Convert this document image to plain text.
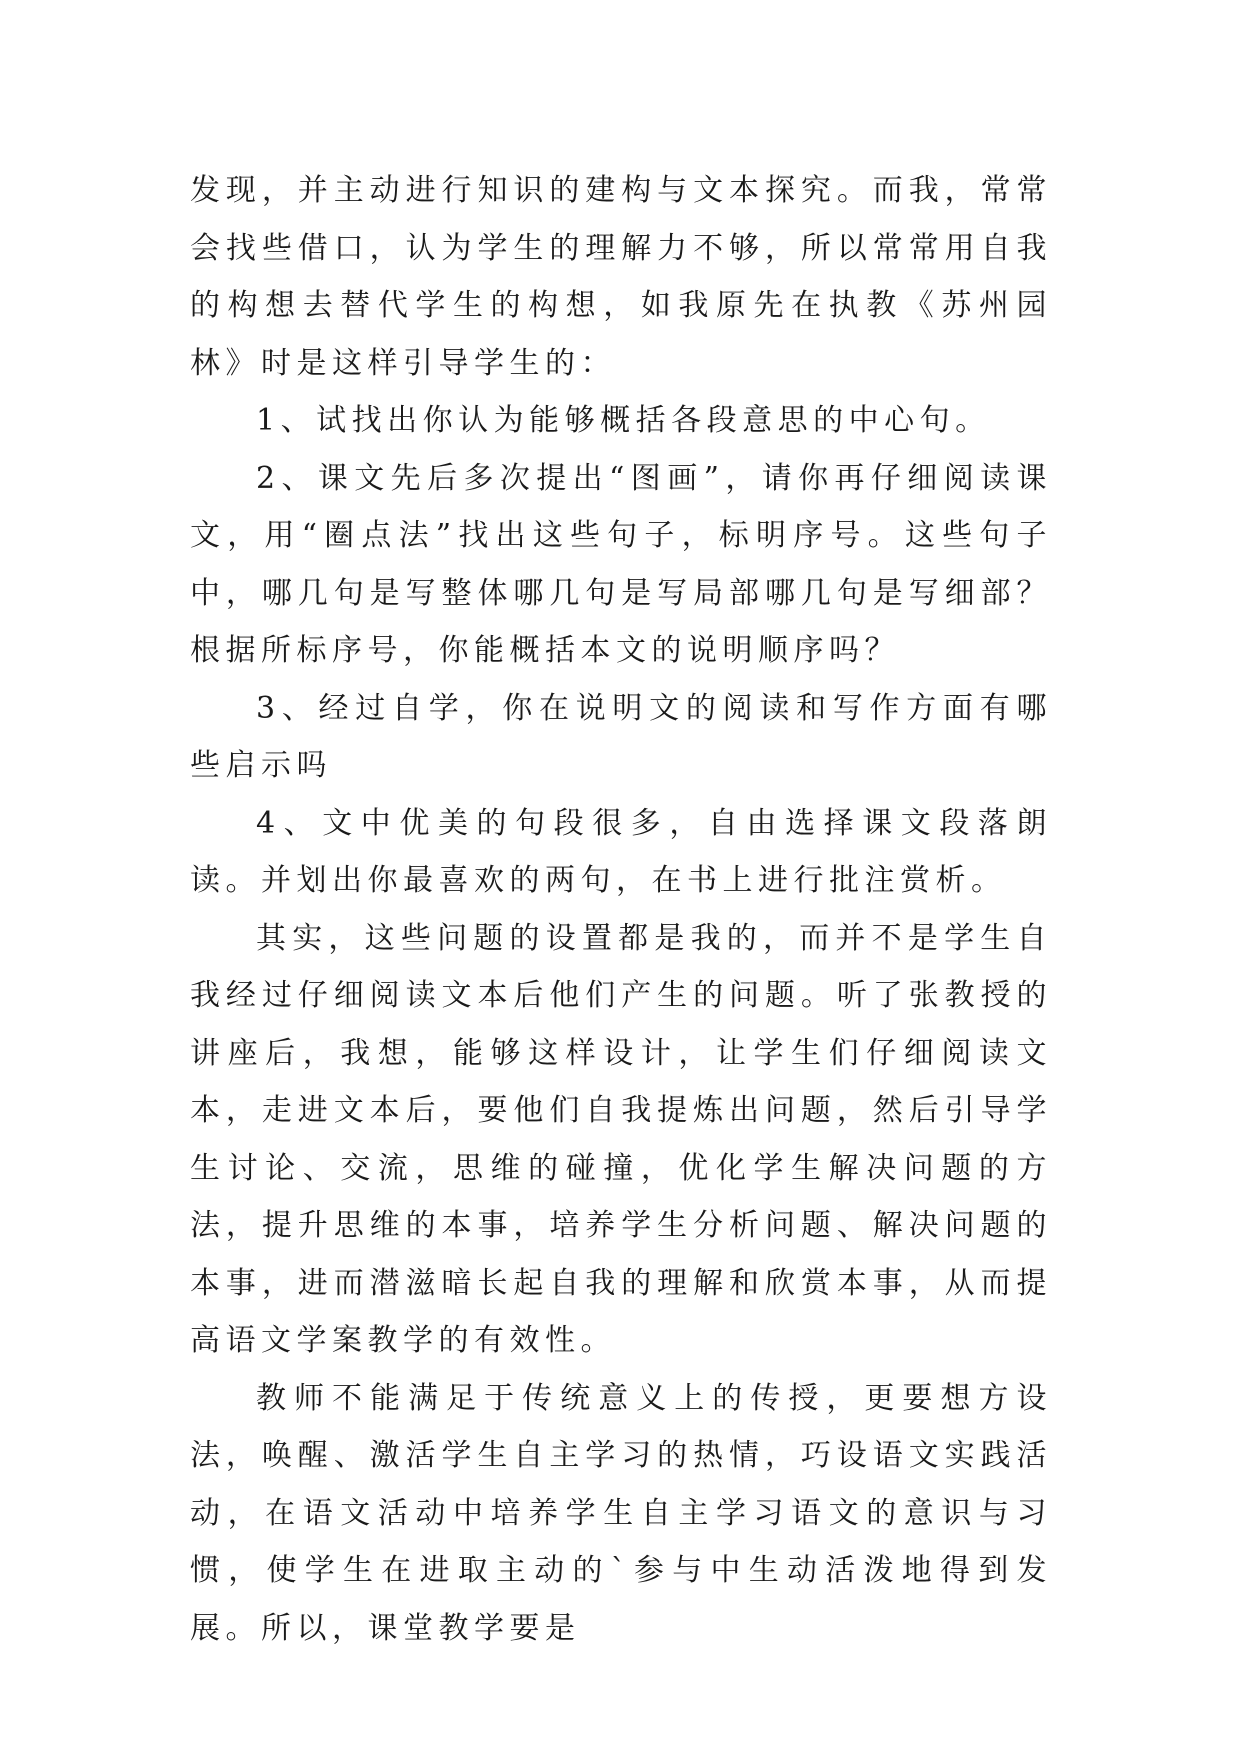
发现，并主动进行知识的建构与文本探究。而我，常常会找些借口，认为学生的理解力不够，所以常常用自我的构想去替代学生的构想，如我原先在执教《苏州园林》时是这样引导学生的：

1、试找出你认为能够概括各段意思的中心句。

2、课文先后多次提出“图画”，请你再仔细阅读课文，用“圈点法”找出这些句子，标明序号。这些句子中，哪几句是写整体哪几句是写局部哪几句是写细部？根据所标序号，你能概括本文的说明顺序吗？

3、经过自学，你在说明文的阅读和写作方面有哪些启示吗

4、文中优美的句段很多，自由选择课文段落朗读。并划出你最喜欢的两句，在书上进行批注赏析。

其实，这些问题的设置都是我的，而并不是学生自我经过仔细阅读文本后他们产生的问题。听了张教授的讲座后，我想，能够这样设计，让学生们仔细阅读文本，走进文本后，要他们自我提炼出问题，然后引导学生讨论、交流，思维的碰撞，优化学生解决问题的方法，提升思维的本事，培养学生分析问题、解决问题的本事，进而潜滋暗长起自我的理解和欣赏本事，从而提高语文学案教学的有效性。

教师不能满足于传统意义上的传授，更要想方设法，唤醒、激活学生自主学习的热情，巧设语文实践活动，在语文活动中培养学生自主学习语文的意识与习惯，使学生在进取主动的`参与中生动活泼地得到发展。所以，课堂教学要是
